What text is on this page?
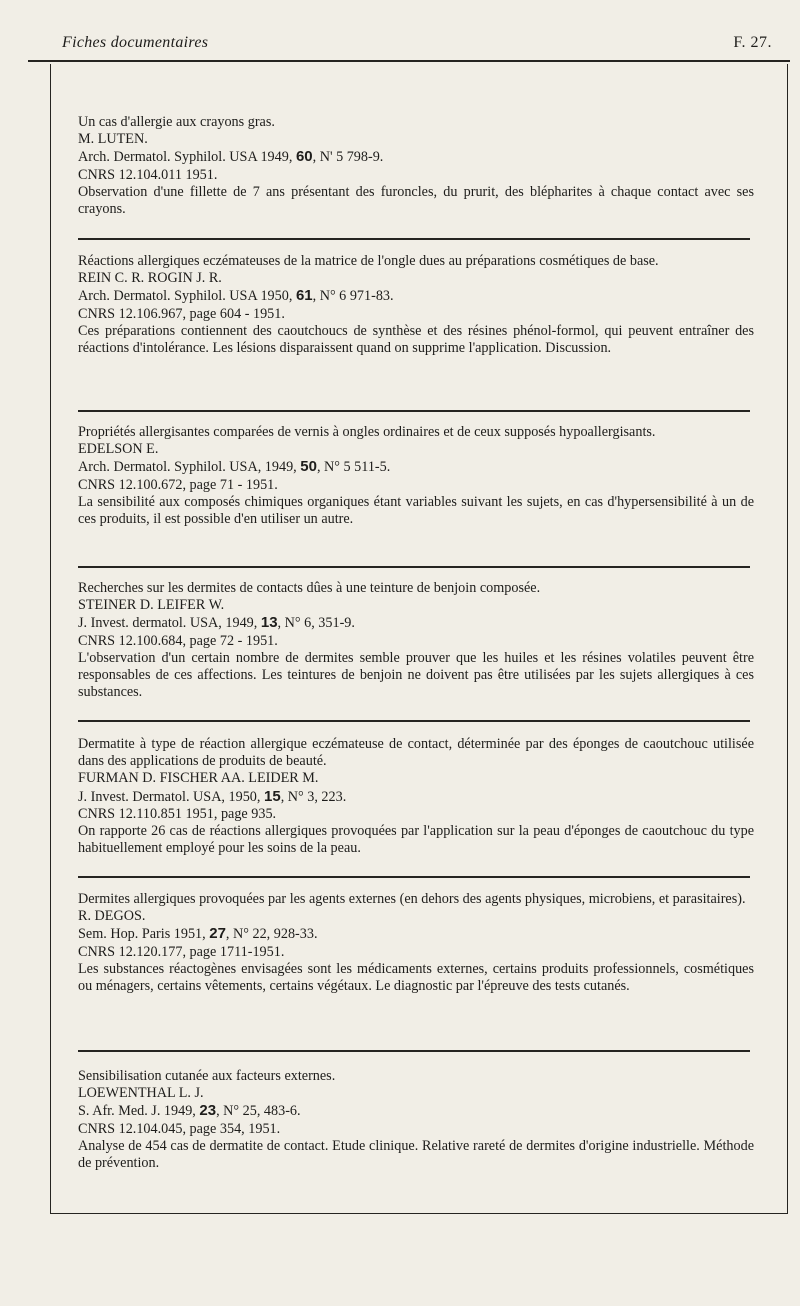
Fiches documentaires	F. 27.

Un cas d'allergie aux crayons gras.

M. LUTEN.

Arch. Dermatol. Syphilol. USA 1949, 60, N' 5 798-9.

CNRS 12.104.011 1951.

Observation d'une fillette de 7 ans présentant des furoncles, du prurit, des blépharites à chaque contact avec ses crayons.

Réactions allergiques eczémateuses de la matrice de l'ongle dues au préparations cosmétiques de base.

REIN C. R. ROGIN J. R.

Arch. Dermatol. Syphilol. USA 1950, 61, N° 6 971-83.

CNRS 12.106.967, page 604 - 1951.

Ces préparations contiennent des caoutchoucs de synthèse et des résines phénol-formol, qui peuvent entraîner des réactions d'intolérance. Les lésions disparaissent quand on supprime l'application. Discussion.

Propriétés allergisantes comparées de vernis à ongles ordinaires et de ceux supposés hypoallergisants.

EDELSON E.

Arch. Dermatol. Syphilol. USA, 1949, 50, N° 5 511-5.

CNRS 12.100.672, page 71 - 1951.

La sensibilité aux composés chimiques organiques étant variables suivant les sujets, en cas d'hypersensibilité à un de ces produits, il est possible d'en utiliser un autre.

Recherches sur les dermites de contacts dûes à une teinture de benjoin composée.

STEINER D. LEIFER W.

J. Invest. dermatol. USA, 1949, 13, N° 6, 351-9.

CNRS 12.100.684, page 72 - 1951.

L'observation d'un certain nombre de dermites semble prouver que les huiles et les résines volatiles peuvent être responsables de ces affections. Les teintures de benjoin ne doivent pas être utilisées par les sujets allergiques à ces substances.

Dermatite à type de réaction allergique eczémateuse de contact, déterminée par des éponges de caoutchouc utilisée dans des applications de produits de beauté.

FURMAN D. FISCHER AA. LEIDER M.

J. Invest. Dermatol. USA, 1950, 15, N° 3, 223.

CNRS 12.110.851 1951, page 935.

On rapporte 26 cas de réactions allergiques provoquées par l'application sur la peau d'éponges de caoutchouc du type habituellement employé pour les soins de la peau.

Dermites allergiques provoquées par les agents externes (en dehors des agents physiques, microbiens, et parasitaires).

R. DEGOS.

Sem. Hop. Paris 1951, 27, N° 22, 928-33.

CNRS 12.120.177, page 1711-1951.

Les substances réactogènes envisagées sont les médicaments externes, certains produits professionnels, cosmétiques ou ménagers, certains vêtements, certains végétaux. Le diagnostic par l'épreuve des tests cutanés.

Sensibilisation cutanée aux facteurs externes.

LOEWENTHAL L. J.

S. Afr. Med. J. 1949, 23, N° 25, 483-6.

CNRS 12.104.045, page 354, 1951.

Analyse de 454 cas de dermatite de contact. Etude clinique. Relative rareté de dermites d'origine industrielle. Méthode de prévention.
